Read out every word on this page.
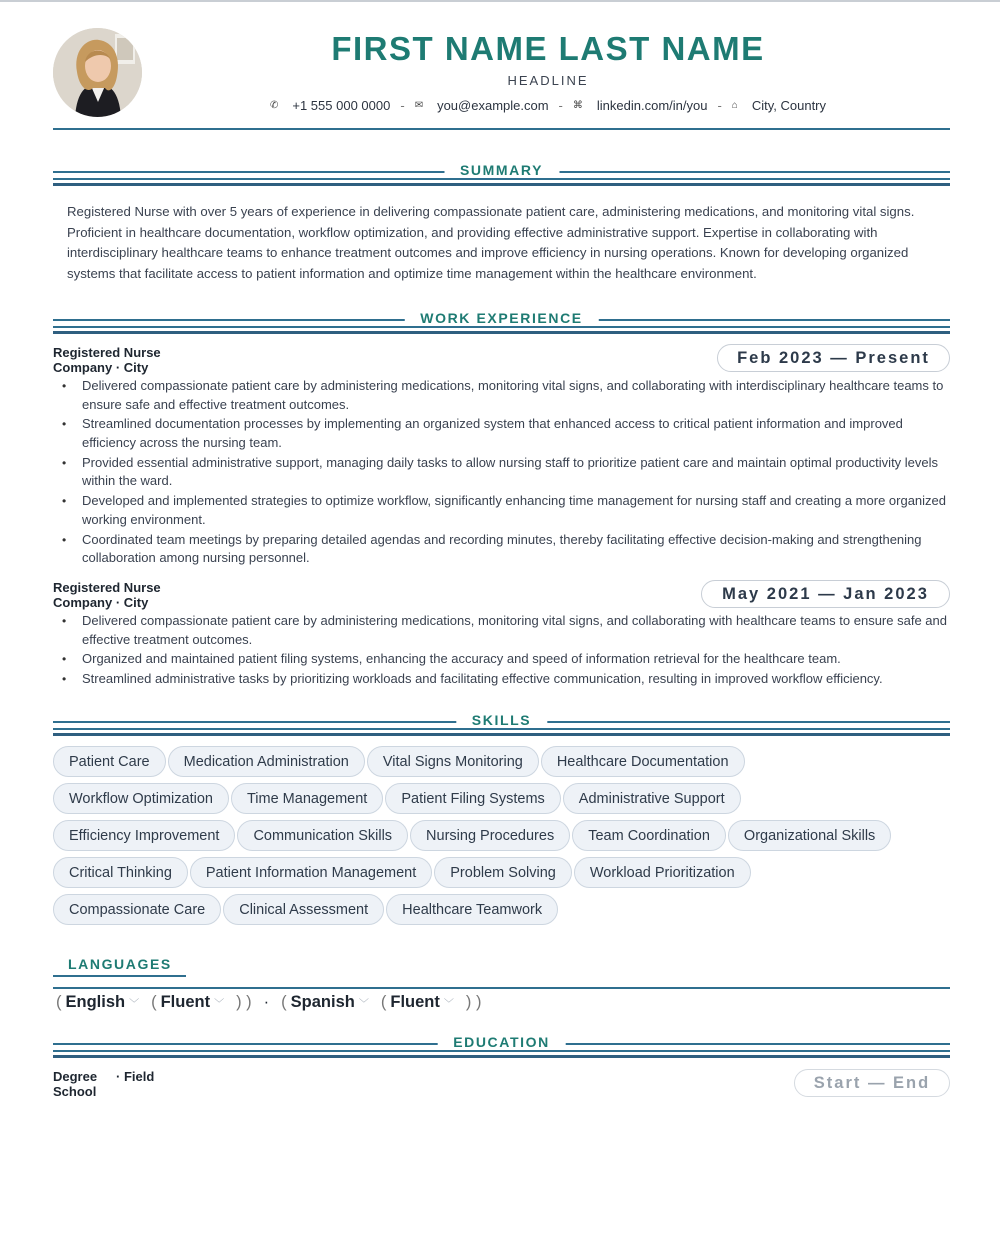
FIRST NAME LAST NAME
HEADLINE
✆ +1 555 000 0000 - ✉ you@example.com - ⌘ linkedin.com/in/you - ⌂ City, Country
SUMMARY
Registered Nurse with over 5 years of experience in delivering compassionate patient care, administering medications, and monitoring vital signs. Proficient in healthcare documentation, workflow optimization, and providing effective administrative support. Expertise in collaborating with interdisciplinary healthcare teams to enhance treatment outcomes and improve efficiency in nursing operations. Known for developing organized systems that facilitate access to patient information and optimize time management within the healthcare environment.
WORK EXPERIENCE
Registered Nurse
Company · City
Feb 2023 — Present
• Delivered compassionate patient care by administering medications, monitoring vital signs, and collaborating with interdisciplinary healthcare teams to ensure safe and effective treatment outcomes.
• Streamlined documentation processes by implementing an organized system that enhanced access to critical patient information and improved efficiency across the nursing team.
• Provided essential administrative support, managing daily tasks to allow nursing staff to prioritize patient care and maintain optimal productivity levels within the ward.
• Developed and implemented strategies to optimize workflow, significantly enhancing time management for nursing staff and creating a more organized working environment.
• Coordinated team meetings by preparing detailed agendas and recording minutes, thereby facilitating effective decision-making and strengthening collaboration among nursing personnel.
Registered Nurse
Company · City	May 2021 — Jan 2023
• Delivered compassionate patient care by administering medications, monitoring vital signs, and collaborating with healthcare teams to ensure safe and effective treatment outcomes.
• Organized and maintained patient filing systems, enhancing the accuracy and speed of information retrieval for the healthcare team.
• Streamlined administrative tasks by prioritizing workloads and facilitating effective communication, resulting in improved workflow efficiency.
SKILLS
Patient Care	Medication Administration	Vital Signs Monitoring	Healthcare Documentation
Workflow Optimization	Time Management	Patient Filing Systems	Administrative Support
Efficiency Improvement	Communication Skills	Nursing Procedures	Team Coordination	Organizational Skills
Critical Thinking	Patient Information Management	Problem Solving	Workload Prioritization
Compassionate Care	Clinical Assessment	Healthcare Teamwork
LANGUAGES
( English ﹀ ( Fluent ﹀ ) ) · ( Spanish ﹀ ( Fluent ﹀ ) )
EDUCATION
Degree · Field
School	Start — End
